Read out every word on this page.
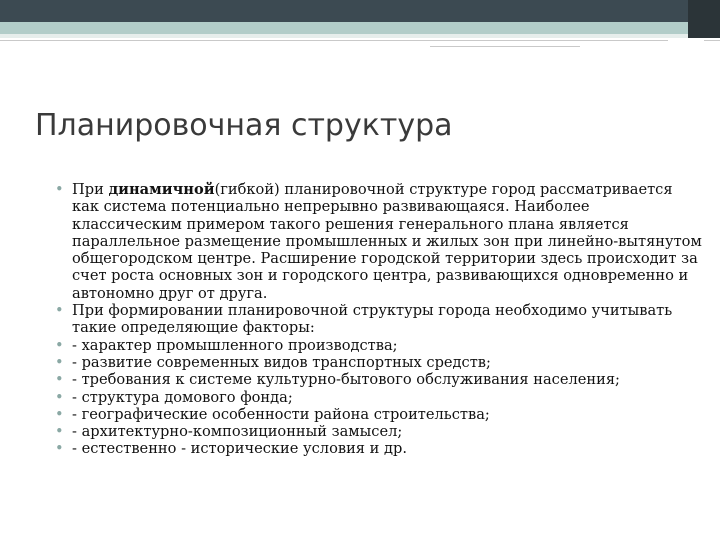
Планировочная структура
• При динамичной(гибкой) планировочной структуре город рассматривается как система потенциально непрерывно развивающаяся. Наиболее классическим примером такого решения генерального плана является параллельное размещение промышленных и жилых зон при линейно-вытянутом общегородском центре. Расширение городской территории здесь происходит за счет роста основных зон и городского центра, развивающихся одновременно и автономно друг от друга.
• При формировании планировочной структуры города необходимо учитывать такие определяющие факторы:
• - характер промышленного производства;
• - развитие современных видов транспортных средств;
• - требования к системе культурно-бытового обслуживания населения;
• - структура домового фонда;
• - географические особенности района строительства;
• - архитектурно-композиционный замысел;
• - естественно - исторические условия и др.
